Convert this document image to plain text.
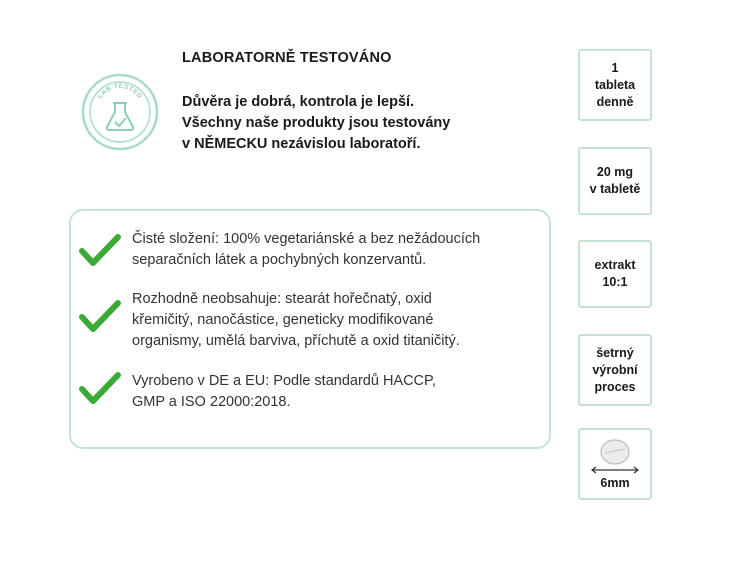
LAB TESTED
LABORATORNĚ TESTOVÁNO
Důvěra je dobrá, kontrola je lepší.
Všechny naše produkty jsou testovány
v NĚMECKU nezávislou laboratoří.
Čisté složení: 100% vegetariánské a bez nežádoucích
separačních látek a pochybných konzervantů.
Rozhodně neobsahuje: stearát hořečnatý, oxid
křemičitý, nanočástice, geneticky modifikované
organismy, umělá barviva, příchutě a oxid titaničitý.
Vyrobeno v DE a EU: Podle standardů HACCP,
GMP a ISO 22000:2018.
1
tableta
denně
20 mg
v tabletě
extrakt
10:1
šetrný
výrobní
proces
6mm
